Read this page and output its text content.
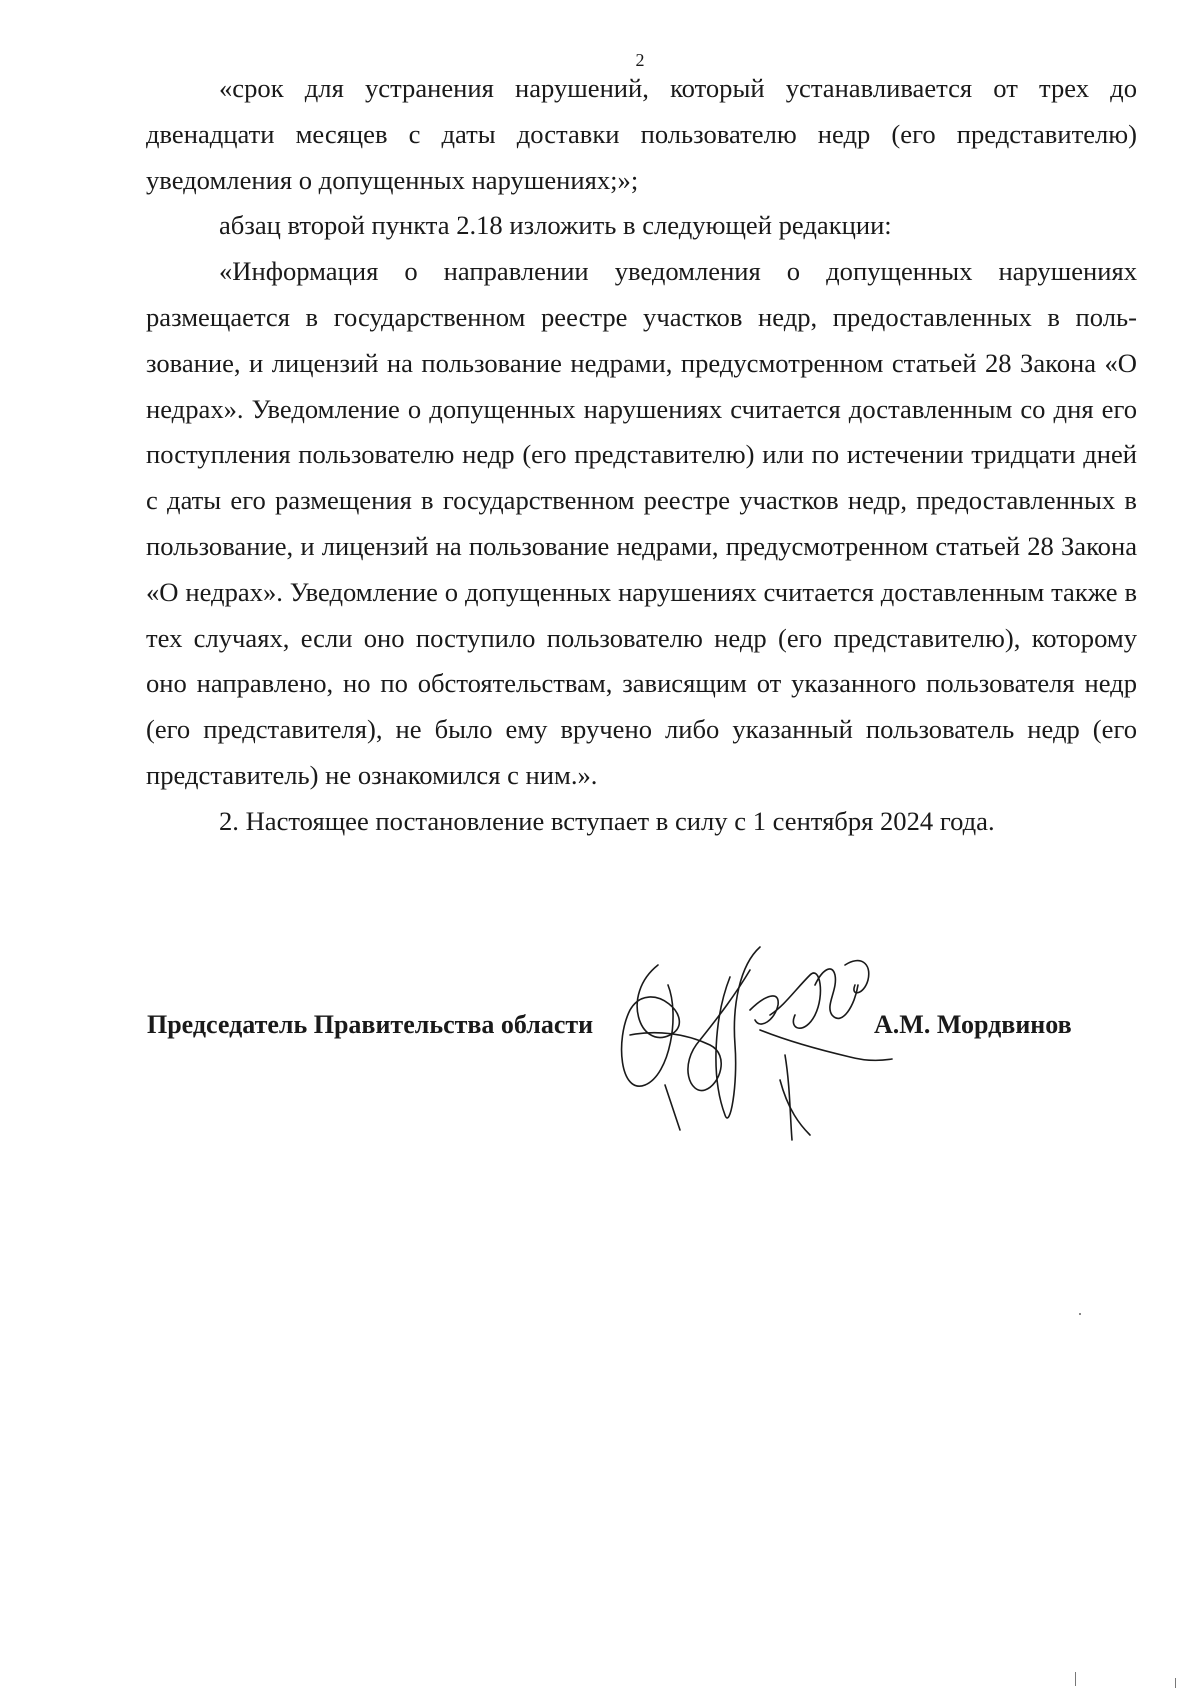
2

«срок для устранения нарушений, который устанавливается от трех до двенадцати месяцев с даты доставки пользователю недр (его представителю) уведомления о допущенных нарушениях;»;

абзац второй пункта 2.18 изложить в следующей редакции:

«Информация о направлении уведомления о допущенных нарушениях размещается в государственном реестре участков недр, предоставленных в пользование, и лицензий на пользование недрами, предусмотренном статьей 28 Закона «О недрах». Уведомление о допущенных нарушениях считается доставленным со дня его поступления пользователю недр (его представителю) или по истечении тридцати дней с даты его размещения в государственном реестре участков недр, предоставленных в пользование, и лицензий на пользование недрами, предусмотренном статьей 28 Закона «О недрах». Уведомление о допущенных нарушениях считается доставленным также в тех случаях, если оно поступило пользователю недр (его представителю), которому оно направлено, но по обстоятельствам, зависящим от указанного пользователя недр (его представителя), не было ему вручено либо указанный пользователь недр (его представитель) не ознакомился с ним.».

2. Настоящее постановление вступает в силу с 1 сентября 2024 года.

Председатель Правительства области	А.М. Мордвинов
